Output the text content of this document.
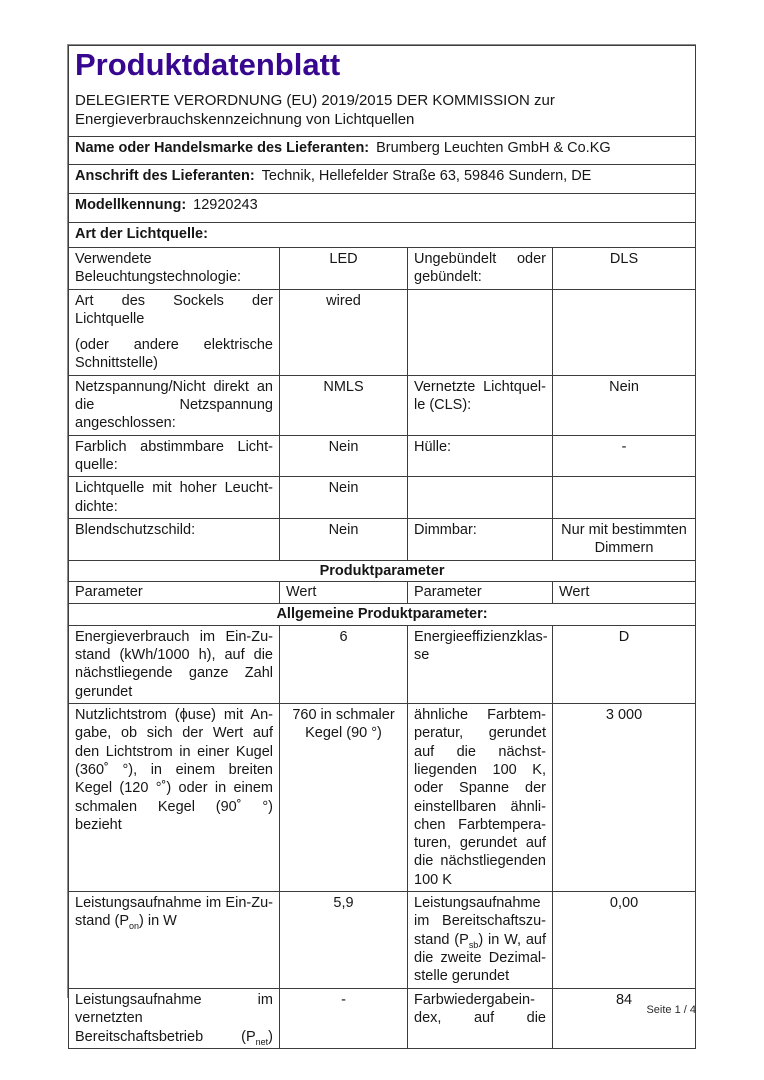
Produktdatenblatt
DELEGIERTE VERORDNUNG (EU) 2019/2015 DER KOMMISSION zur Energieverbrauchskennzeichnung von Lichtquellen			

Name oder Handelsmarke des Lieferanten: Brumberg Leuchten GmbH & Co.KG			
Anschrift des Lieferanten: Technik, Hellefelder Straße 63, 59846 Sundern, DE			
Modellkennung: 12920243			
Art der Lichtquelle:			
Verwendete Beleuchtungstechnologie:	LED	Ungebündelt oder gebündelt:	DLS

Art des Sockels der Lichtquelle
(oder andere elektrische Schnittstelle)	wired		
Netzspannung/Nicht direkt an die Netzspannung angeschlossen:	NMLS	Vernetzte Lichtquelle (CLS):	Nein
Farblich abstimmbare Lichtquelle:	Nein	Hülle:	-
Lichtquelle mit hoher Leuchtdichte:	Nein		
Blendschutzschild:	Nein	Dimmbar:	Nur mit bestimmten Dimmern
Produktparameter			
Parameter	Wert	Parameter	Wert
Allgemeine Produktparameter:			
Energieverbrauch im Ein-Zustand (kWh/1000 h), auf die nächstliegende ganze Zahl gerundet	6	Energieeffizienzklasse	D
Nutzlichtstrom (ϕuse) mit Angabe, ob sich der Wert auf den Lichtstrom in einer Kugel (360˚ °), in einem breiten Kegel (120 °˚) oder in einem schmalen Kegel (90˚ °) bezieht	760 in schmaler Kegel (90 °)	ähnliche Farbtemperatur, gerundet auf die nächstliegenden 100 K, oder Spanne der einstellbaren ähnlichen Farbtemperaturen, gerundet auf die nächstliegenden 100 K	3 000
Leistungsaufnahme im Ein-Zustand $(P_{on})$ in W	5,9	Leistungsaufnahme im Bereitschaftszustand $(P_{sb})$ in W, auf die zweite Dezimalstelle gerundet	0,00
Leistungsaufnahme im vernetzten Bereitschaftsbetrieb $(P_{net})$	-	Farbwiedergabeindex, auf die	84
Seite 1 / 4
